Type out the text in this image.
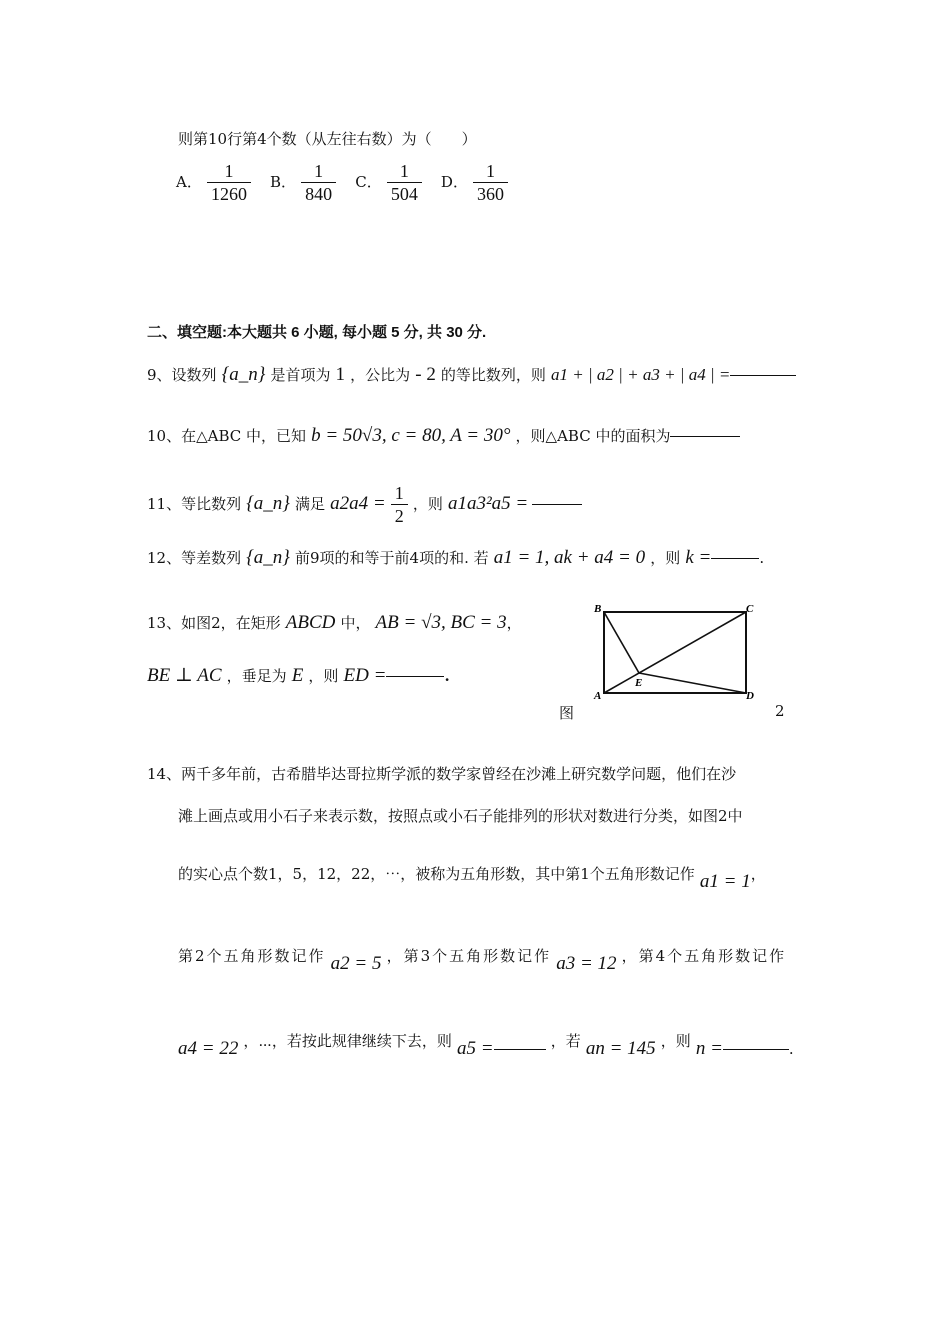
则第10行第4个数（从左往右数）为（　　）
A． $\frac{1}{1260}$ B． $\frac{1}{840}$ C． $\frac{1}{504}$ D． $\frac{1}{360}$
二、填空题:本大题共 6 小题, 每小题 5 分, 共 30 分.
9、设数列 {a_n} 是首项为 1 ，公比为 - 2 的等比数列，则 a1 + | a2 | + a3 + | a4 | =
10、在△ABC 中，已知 b = 50√3, c = 80, A = 30° ，则△ABC 中的面积为
11、等比数列 {a_n} 满足 $a2a4 = \frac{1}{2}$ ，则 a1a3²a5 =
12、等差数列 {a_n} 前9项的和等于前4项的和. 若 a1 = 1, ak + a4 = 0 ，则 k =	.
13、如图2，在矩形 ABCD 中， AB = √3, BC = 3，
BE ⊥ AC ，垂足为 E ，则 ED =	.
B	C
A	D
E
图	2
14、两千多年前，古希腊毕达哥拉斯学派的数学家曾经在沙滩上研究数学问题，他们在沙
滩上画点或用小石子来表示数，按照点或小石子能排列的形状对数进行分类，如图2中
的实心点个数1，5，12，22，⋯，被称为五角形数，其中第1个五角形数记作 a1 = 1，
第2个五角形数记作 a2 = 5 ，第3个五角形数记作 a3 = 12 ，第4个五角形数记作
a4 = 22 ，⋯，若按此规律继续下去，则 a5 =	，若 an = 145 ，则 n =	.
